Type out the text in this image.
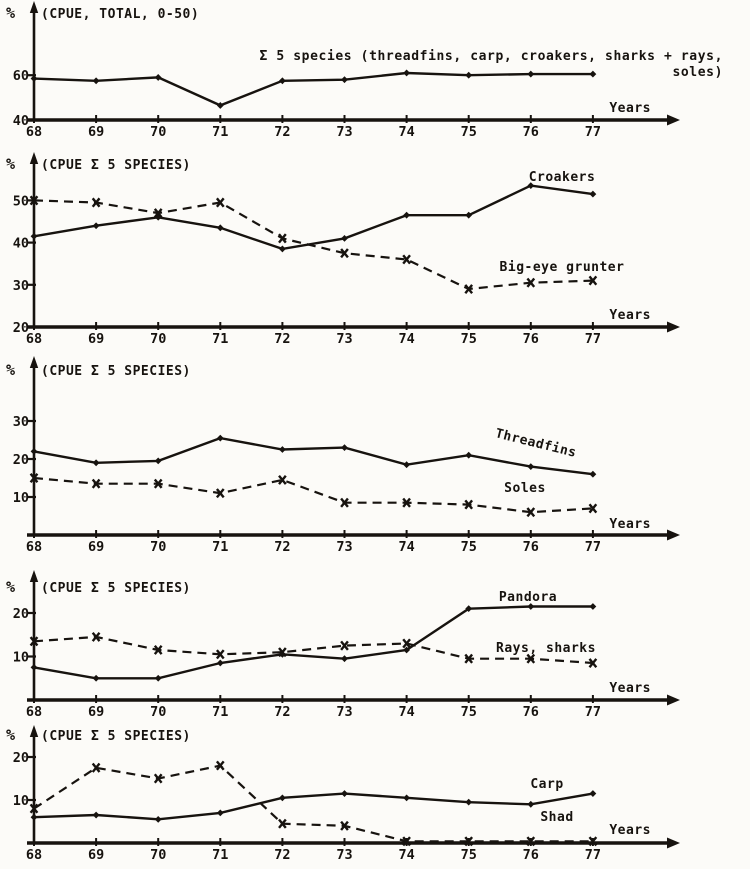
68	69	70	71	72	73	74	75	76	77
60
40
% (CPUE, TOTAL, 0-50)
Years
Σ 5 species (threadfins, carp, croakers, sharks + rays,
soles)
68	69	70	71	72	73	74	75	76	77
50
40
30
20
% (CPUE Σ 5 SPECIES)
Years
Croakers
Big-eye grunter
68	69	70	71	72	73	74	75	76	77
30
20
10
% (CPUE Σ 5 SPECIES)
Years
Threadfins
Soles
68	69	70	71	72	73	74	75	76	77
20
10
% (CPUE Σ 5 SPECIES)
Years
Pandora
Rays, sharks
68	69	70	71	72	73	74	75	76	77
20
10
% (CPUE Σ 5 SPECIES)
Years
Carp
Shad
